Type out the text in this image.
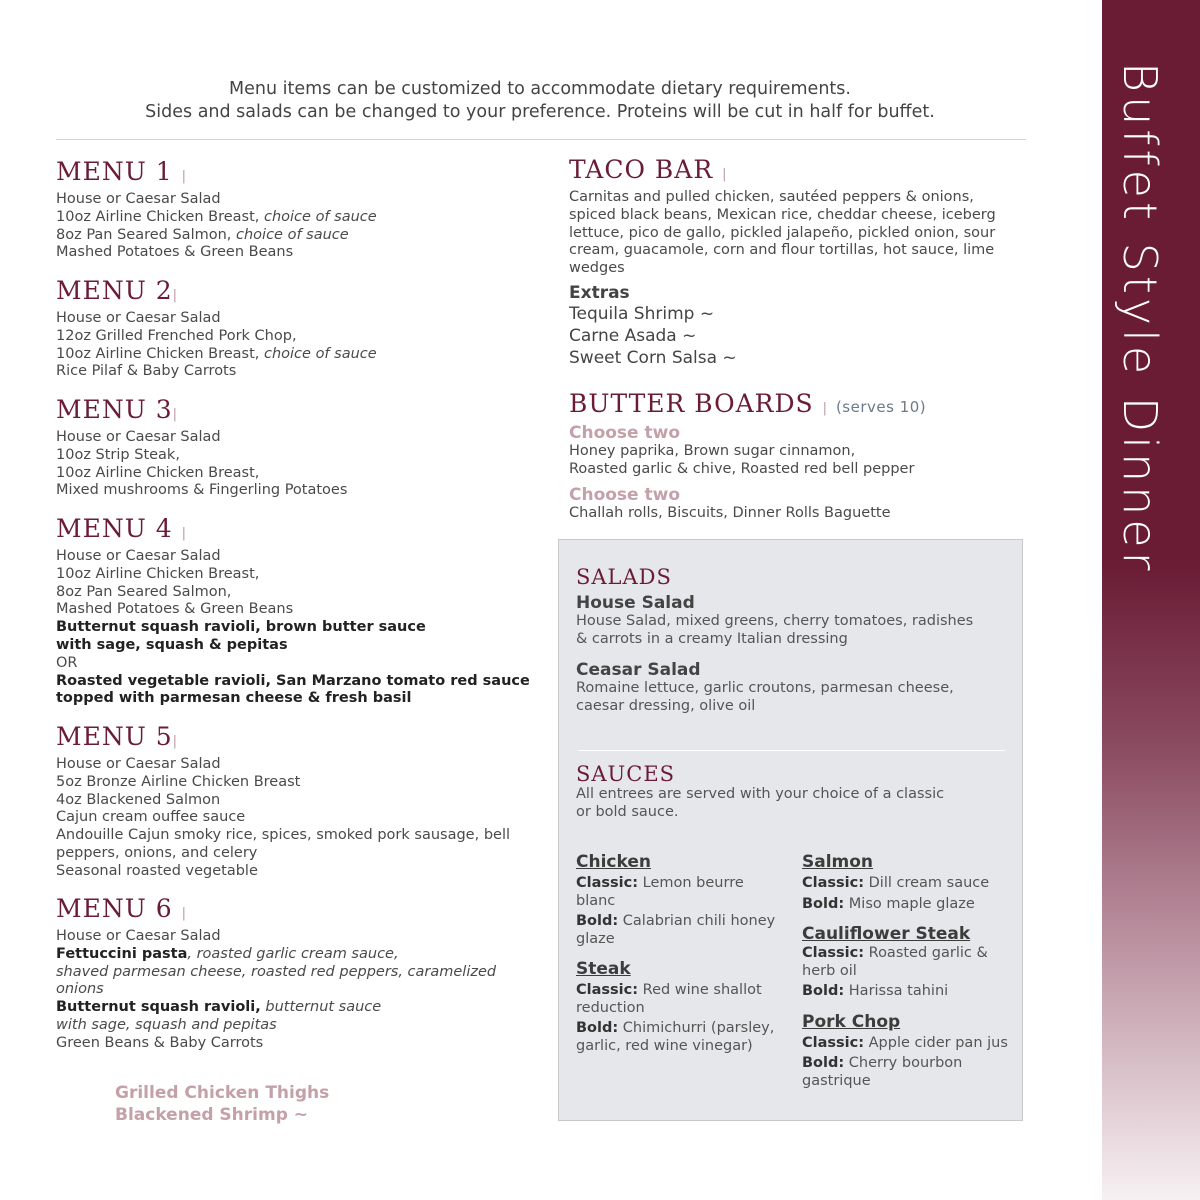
Buffet Style Dinner
Menu items can be customized to accommodate dietary requirements.
Sides and salads can be changed to your preference. Proteins will be cut in half for buffet.
MENU 1 |
House or Caesar Salad
10oz Airline Chicken Breast, choice of sauce
8oz Pan Seared Salmon, choice of sauce
Mashed Potatoes & Green Beans
MENU 2|
House or Caesar Salad
12oz Grilled Frenched Pork Chop,
10oz Airline Chicken Breast, choice of sauce
Rice Pilaf & Baby Carrots
MENU 3|
House or Caesar Salad
10oz Strip Steak,
10oz Airline Chicken Breast,
Mixed mushrooms & Fingerling Potatoes
MENU 4 |
House or Caesar Salad
10oz Airline Chicken Breast,
8oz Pan Seared Salmon,
Mashed Potatoes & Green Beans
Butternut squash ravioli, brown butter sauce
with sage, squash & pepitas
OR
Roasted vegetable ravioli, San Marzano tomato red sauce
topped with parmesan cheese & fresh basil
MENU 5|
House or Caesar Salad
5oz Bronze Airline Chicken Breast
4oz Blackened Salmon
Cajun cream ouffee sauce
Andouille Cajun smoky rice, spices, smoked pork sausage, bell
peppers, onions, and celery
Seasonal roasted vegetable
MENU 6 |
House or Caesar Salad
Fettuccini pasta, roasted garlic cream sauce,
shaved parmesan cheese, roasted red peppers, caramelized
onions
Butternut squash ravioli, butternut sauce
with sage, squash and pepitas
Green Beans & Baby Carrots
Grilled Chicken Thighs
Blackened Shrimp ~
TACO BAR |
Carnitas and pulled chicken, sautéed peppers & onions,
spiced black beans, Mexican rice, cheddar cheese, iceberg
lettuce, pico de gallo, pickled jalapeño, pickled onion, sour
cream, guacamole, corn and flour tortillas, hot sauce, lime
wedges
Extras
Tequila Shrimp ~
Carne Asada ~
Sweet Corn Salsa ~
BUTTER BOARDS | (serves 10)
Choose two
Honey paprika, Brown sugar cinnamon,
Roasted garlic & chive, Roasted red bell pepper
Choose two
Challah rolls, Biscuits, Dinner Rolls Baguette
SALADS
House Salad
House Salad, mixed greens, cherry tomatoes, radishes
& carrots in a creamy Italian dressing
Ceasar Salad
Romaine lettuce, garlic croutons, parmesan cheese,
caesar dressing, olive oil
SAUCES
All entrees are served with your choice of a classic
or bold sauce.
Chicken
Classic: Lemon beurre
blanc
Bold: Calabrian chili honey
glaze
Steak
Classic: Red wine shallot
reduction
Bold: Chimichurri (parsley,
garlic, red wine vinegar)
Salmon
Classic: Dill cream sauce
Bold: Miso maple glaze
Cauliflower Steak
Classic: Roasted garlic &
herb oil
Bold: Harissa tahini
Pork Chop
Classic: Apple cider pan jus
Bold: Cherry bourbon
gastrique
